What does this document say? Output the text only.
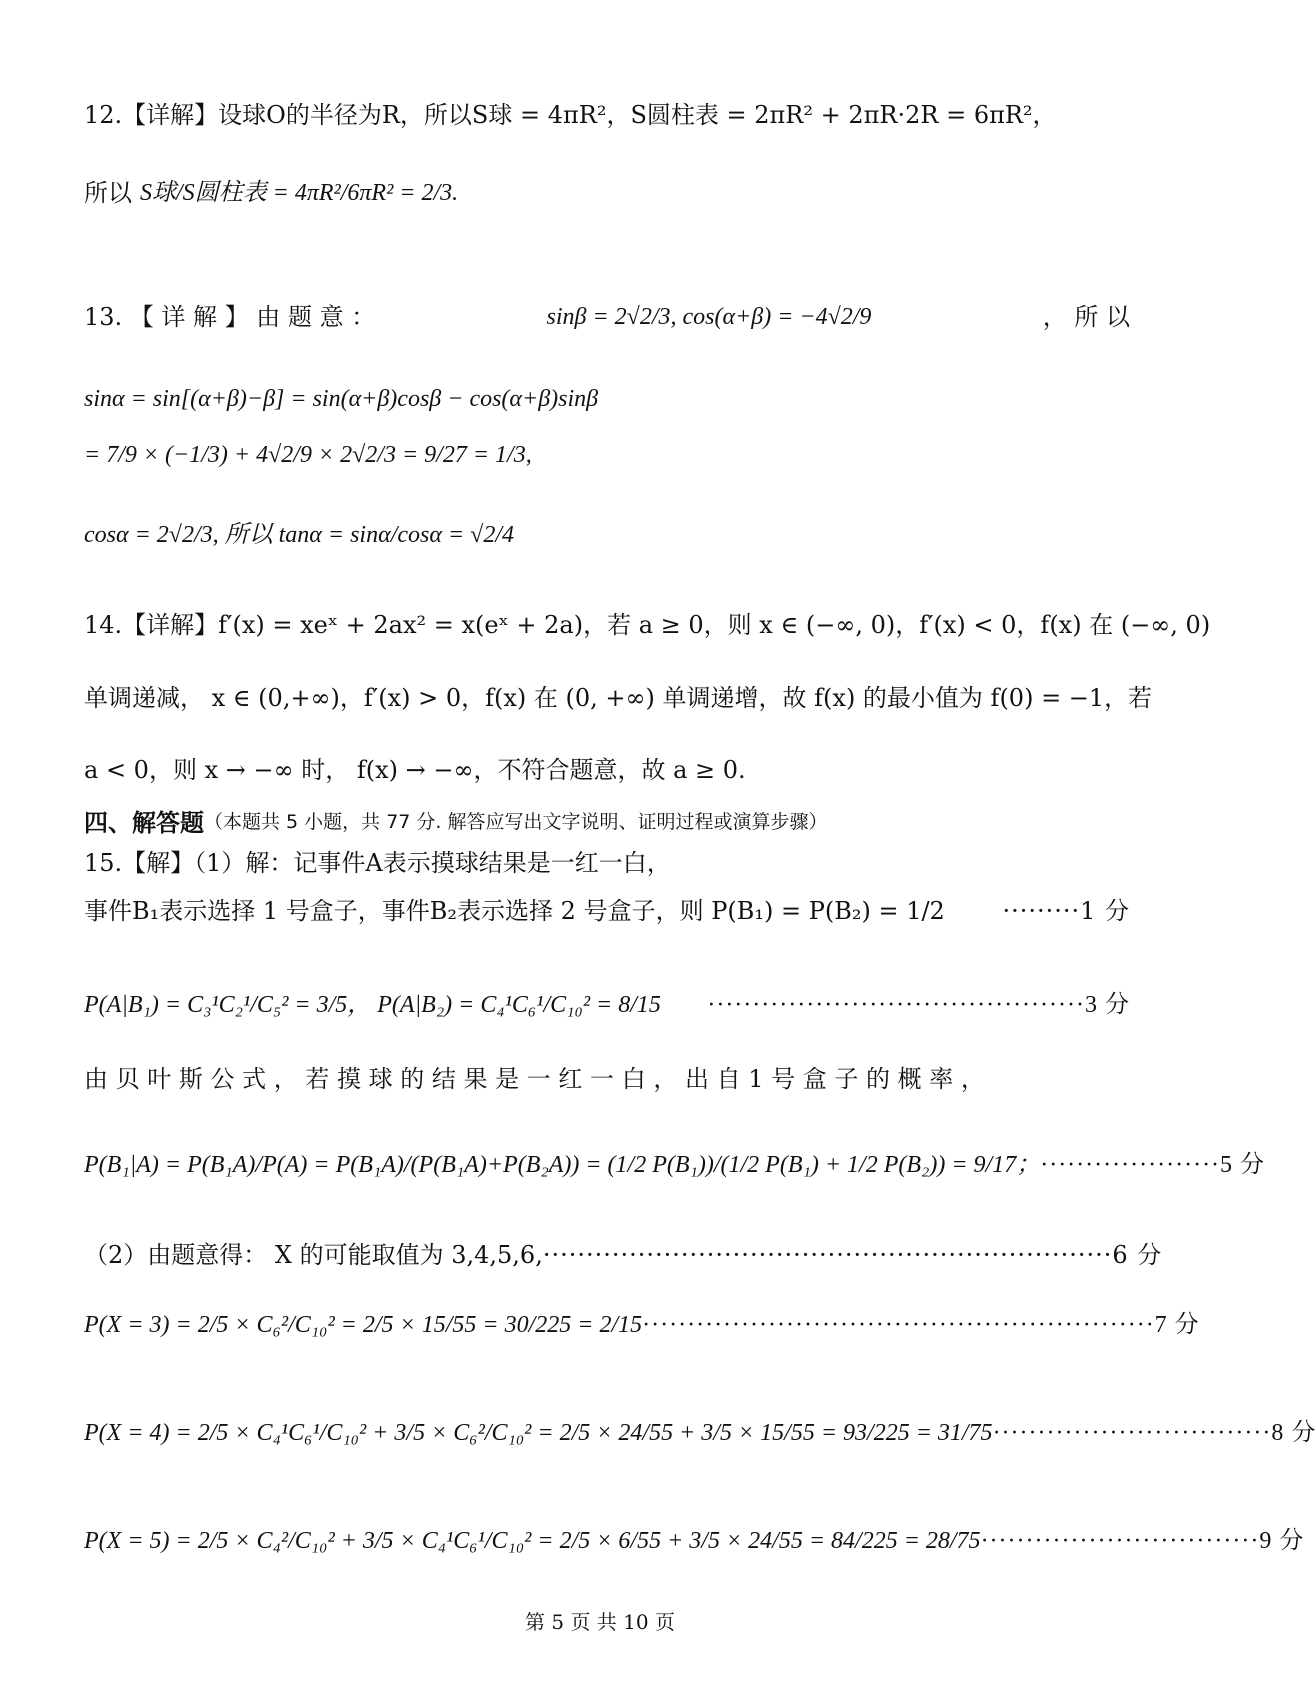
12.【详解】设球O的半径为R，所以S球 = 4πR²，S圆柱表 = 2πR² + 2πR·2R = 6πR²，
所以 S球/S圆柱表 = 4πR²/6πR² = 2/3.
13. 【 详 解 】 由 题 意 ：	sinβ = 2√2/3, cos(α+β) = −4√2/9	， 所 以
sinα = sin[(α+β)−β] = sin(α+β)cosβ − cos(α+β)sinβ
= 7/9 × (−1/3) + 4√2/9 × 2√2/3 = 9/27 = 1/3,
cosα = 2√2/3, 所以 tanα = sinα/cosα = √2/4
14.【详解】f′(x) = xeˣ + 2ax² = x(eˣ + 2a)，若 a ≥ 0，则 x ∈ (−∞, 0)，f′(x) < 0，f(x) 在 (−∞, 0)
单调递减， x ∈ (0,+∞)，f′(x) > 0，f(x) 在 (0, +∞) 单调递增，故 f(x) 的最小值为 f(0) = −1，若
a < 0，则 x → −∞ 时， f(x) → −∞，不符合题意，故 a ≥ 0.
四、解答题 （本题共 5 小题，共 77 分. 解答应写出文字说明、证明过程或演算步骤）
15.【解】（1）解：记事件A表示摸球结果是一红一白，
事件B₁表示选择 1 号盒子，事件B₂表示选择 2 号盒子，则 P(B₁) = P(B₂) = 1/2 ·········1 分
P(A|B₁) = C₃¹C₂¹/C₅² = 3/5， P(A|B₂) = C₄¹C₆¹/C₁₀² = 8/15 ··········································3 分
由 贝 叶 斯 公 式 ， 若 摸 球 的 结 果 是 一 红 一 白 ， 出 自 1 号 盒 子 的 概 率 ，
P(B₁|A) = P(B₁A)/P(A) = P(B₁A)/(P(B₁A)+P(B₂A)) = (1/2 P(B₁))/(1/2 P(B₁) + 1/2 P(B₂)) = 9/17； ····················5 分
（2）由题意得： X 的可能取值为 3,4,5,6, ··································································6 分
P(X = 3) = 2/5 × C₆²/C₁₀² = 2/5 × 15/55 = 30/225 = 2/15 ·························································7 分
P(X = 4) = 2/5 × C₄¹C₆¹/C₁₀² + 3/5 × C₆²/C₁₀² = 2/5 × 24/55 + 3/5 × 15/55 = 93/225 = 31/75 ·······························8 分
P(X = 5) = 2/5 × C₄²/C₁₀² + 3/5 × C₄¹C₆¹/C₁₀² = 2/5 × 6/55 + 3/5 × 24/55 = 84/225 = 28/75 ·······························9 分
第 5 页 共 10 页
